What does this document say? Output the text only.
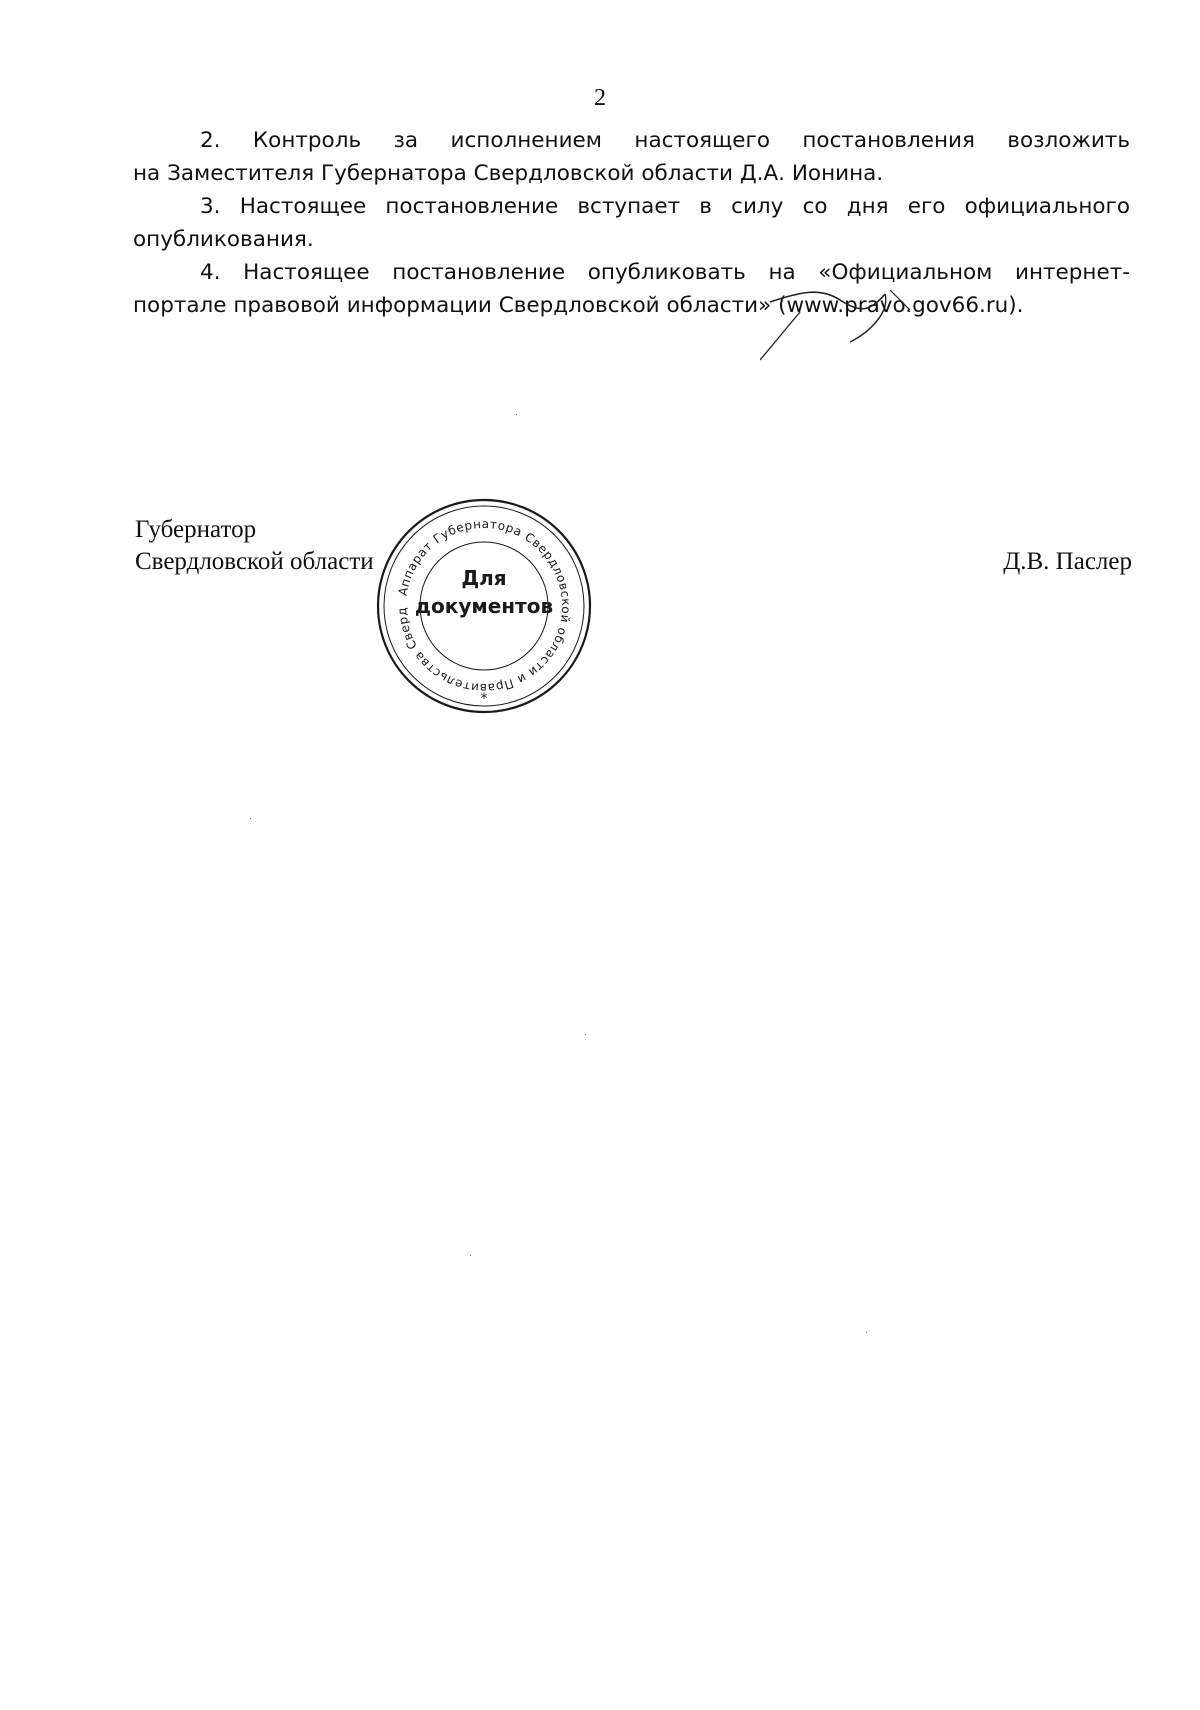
2

2. Контроль за исполнением настоящего постановления возложить
на Заместителя Губернатора Свердловской области Д.А. Ионина.

3. Настоящее постановление вступает в силу со дня его официального
опубликования.

4. Настоящее постановление опубликовать на «Официальном интернет-
портале правовой информации Свердловской области» (www.pravo.gov66.ru).

Губернатор
Свердловской области	Д.В. Паслер
Аппарат Губернатора Свердловской области и Правительства Сверд
*
Для
документов
